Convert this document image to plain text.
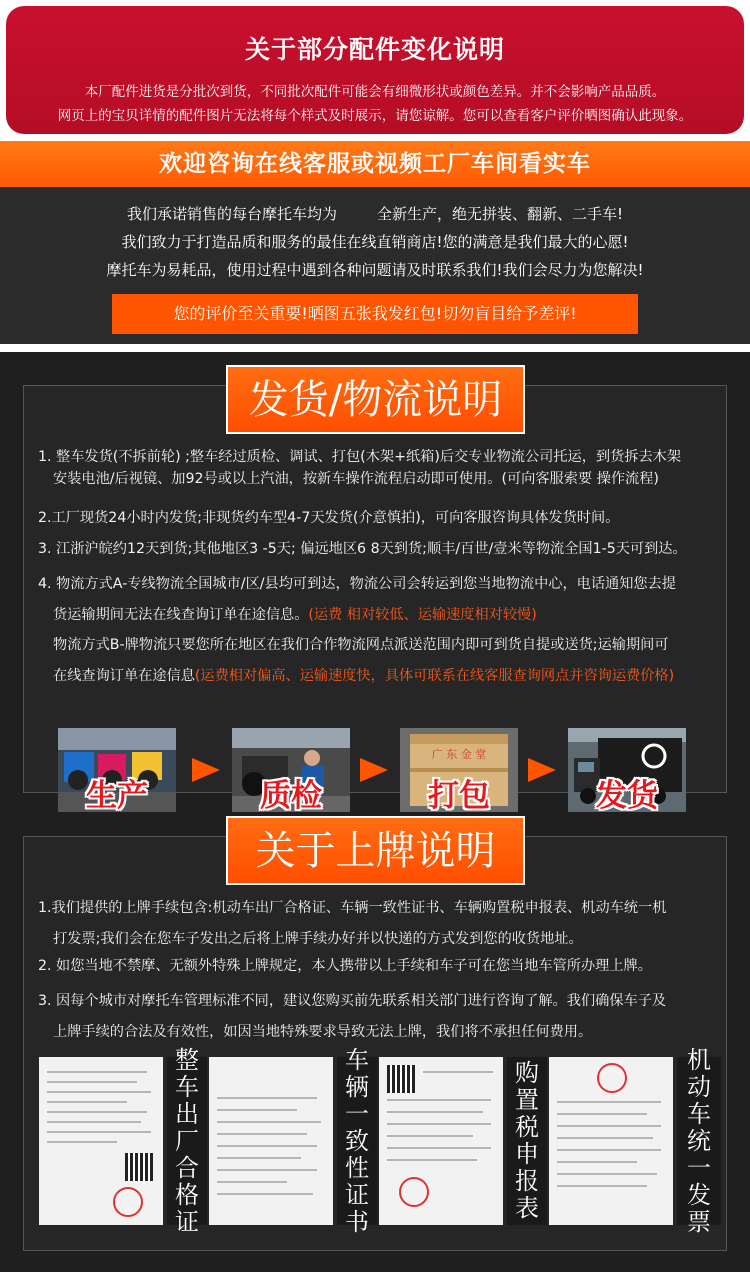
关于部分配件变化说明
本厂配件进货是分批次到货，不同批次配件可能会有细微形状或颜色差异。并不会影响产品品质。
网页上的宝贝详情的配件图片无法将每个样式及时展示，请您谅解。您可以查看客户评价晒图确认此现象。
欢迎咨询在线客服或视频工厂车间看实车
我们承诺销售的每台摩托车均为	全新生产，绝无拼装、翻新、二手车!
我们致力于打造品质和服务的最佳在线直销商店!您的满意是我们最大的心愿!
摩托车为易耗品，使用过程中遇到各种问题请及时联系我们!我们会尽力为您解决!
您的评价至关重要!晒图五张我发红包!切勿盲目给予差评!
发货/物流说明
1. 整车发货(不拆前轮) ;整车经过质检、调试、打包(木架+纸箱)后交专业物流公司托运，到货拆去木架
安装电池/后视镜、加92号或以上汽油，按新车操作流程启动即可使用。(可向客服索要 操作流程)
2.工厂现货24小时内发货;非现货约车型4-7天发货(介意慎拍)，可向客服咨询具体发货时间。
3. 江浙沪皖约12天到货;其他地区3 -5天; 偏远地区6 8天到货;顺丰/百世/壹米等物流全国1-5天可到达。
4. 物流方式A-专线物流全国城市/区/县均可到达，物流公司会转运到您当地物流中心，电话通知您去提
货运输期间无法在线查询订单在途信息。(运费 相对较低、运输速度相对较慢)
物流方式B-牌物流只要您所在地区在我们合作物流网点派送范围内即可到货自提或送货;运输期间可
在线查询订单在途信息(运费相对偏高、运输速度快，具体可联系在线客服查询网点并咨询运费价格)
生产	质检
广 东 金 堂
打包	发货
关于上牌说明
1.我们提供的上牌手续包含:机动车出厂合格证、车辆一致性证书、车辆购置税申报表、机动车统一机
打发票;我们会在您车子发出之后将上牌手续办好并以快递的方式发到您的收货地址。
2. 如您当地不禁摩、无额外特殊上牌规定，本人携带以上手续和车子可在您当地车管所办理上牌。
3. 因每个城市对摩托车管理标准不同，建议您购买前先联系相关部门进行咨询了解。我们确保车子及
上牌手续的合法及有效性，如因当地特殊要求导致无法上牌，我们将不承担任何费用。
整车出厂合格证
车辆一致性证书
购置税申报表
机动车统一发票
